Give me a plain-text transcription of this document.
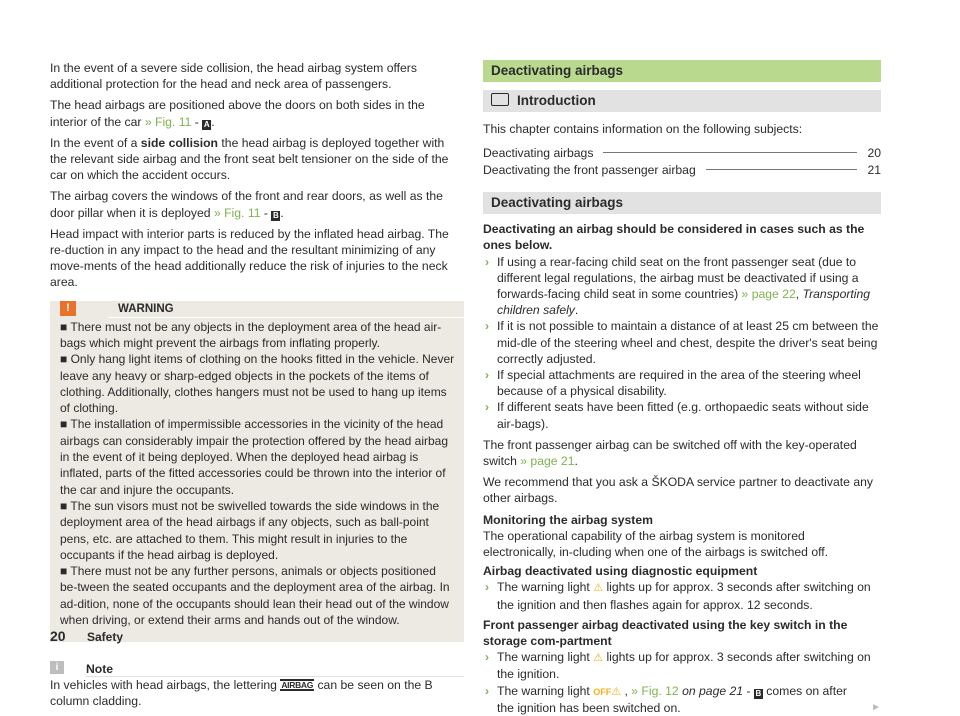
In the event of a severe side collision, the head airbag system offers additional protection for the head and neck area of passengers.

The head airbags are positioned above the doors on both sides in the interior of the car » Fig. 11 - A .

In the event of a side collision the head airbag is deployed together with the relevant side airbag and the front seat belt tensioner on the side of the car on which the accident occurs.

The airbag covers the windows of the front and rear doors, as well as the door pillar when it is deployed » Fig. 11 - B .

Head impact with interior parts is reduced by the inflated head airbag. The re-duction in any impact to the head and the resultant minimizing of any move-ments of the head additionally reduce the risk of injuries to the neck area.

!	WARNING
■ There must not be any objects in the deployment area of the head air-bags which might prevent the airbags from inflating properly.
■ Only hang light items of clothing on the hooks fitted in the vehicle. Never leave any heavy or sharp-edged objects in the pockets of the items of clothing. Additionally, clothes hangers must not be used to hang up items of clothing.
■ The installation of impermissible accessories in the vicinity of the head airbags can considerably impair the protection offered by the head airbag in the event of it being deployed. When the deployed head airbag is inflated, parts of the fitted accessories could be thrown into the interior of the car and injure the occupants.
■ The sun visors must not be swivelled towards the side windows in the deployment area of the head airbags if any objects, such as ball-point pens, etc. are attached to them. This might result in injuries to the occupants if the head airbag is deployed.
■ There must not be any further persons, animals or objects positioned be-tween the seated occupants and the deployment area of the airbag. In ad-dition, none of the occupants should lean their head out of the window when driving, or extend their arms and hands out of the window.
i	Note
In vehicles with head airbags, the lettering AIRBAG can be seen on the B column cladding.
Deactivating airbags
Introduction

This chapter contains information on the following subjects:

Deactivating airbags	20
Deactivating the front passenger airbag	21
Deactivating airbags

Deactivating an airbag should be considered in cases such as the ones below.

› If using a rear-facing child seat on the front passenger seat (due to different legal regulations, the airbag must be deactivated if using a forwards-facing child seat in some countries) » page 22, Transporting children safely.
› If it is not possible to maintain a distance of at least 25 cm between the mid-dle of the steering wheel and chest, despite the driver's seat being correctly adjusted.
› If special attachments are required in the area of the steering wheel because of a physical disability.
› If different seats have been fitted (e.g. orthopaedic seats without side air-bags).

The front passenger airbag can be switched off with the key-operated switch » page 21.

We recommend that you ask a ŠKODA service partner to deactivate any other airbags.

Monitoring the airbag system
The operational capability of the airbag system is monitored electronically, in-cluding when one of the airbags is switched off.

Airbag deactivated using diagnostic equipment

› The warning light ⚠ lights up for approx. 3 seconds after switching on the ignition and then flashes again for approx. 12 seconds.

Front passenger airbag deactivated using the key switch in the storage com-partment

› The warning light ⚠ lights up for approx. 3 seconds after switching on the ignition.
› The warning light OFF⚠ , » Fig. 12 on page 21 - B comes on after the ignition has been switched on.	►
20 Safety
